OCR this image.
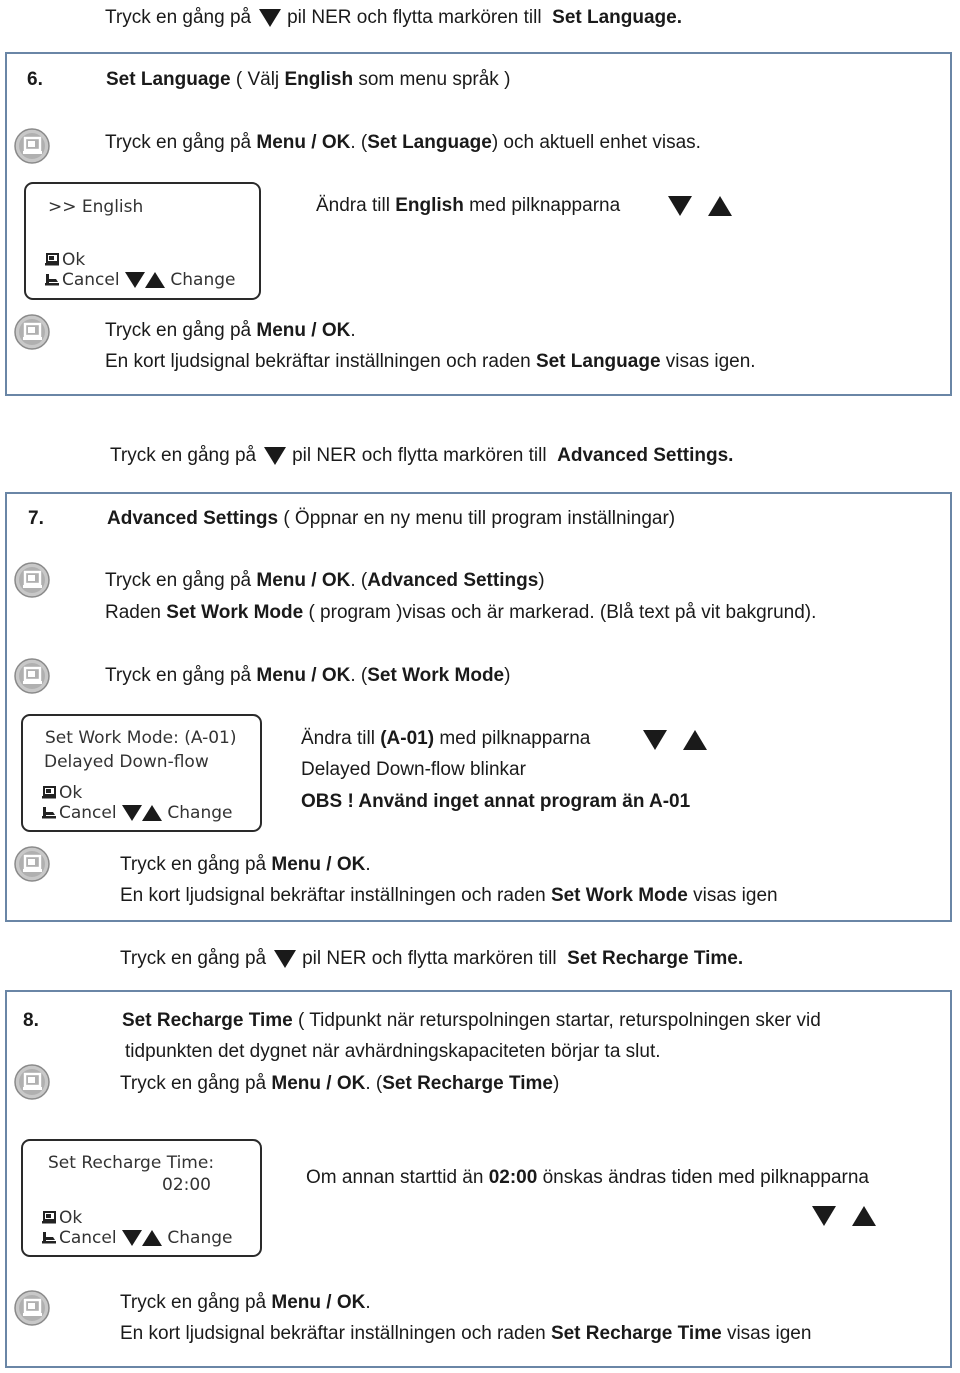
Tryck en gång på pil NER och flytta markören till Set Language.
6.	Set Language ( Välj English som menu språk )
Tryck en gång på Menu / OK. (Set Language) och aktuell enhet visas.
>> English
Ok
Cancel	Change
Ändra till English med pilknapparna

Tryck en gång på Menu / OK.
En kort ljudsignal bekräftar inställningen och raden Set Language visas igen.
Tryck en gång på pil NER och flytta markören till Advanced Settings.
7.	Advanced Settings ( Öppnar en ny menu till program inställningar)
Tryck en gång på Menu / OK. (Advanced Settings)
Raden Set Work Mode ( program )visas och är markerad. (Blå text på vit bakgrund).
Tryck en gång på Menu / OK. (Set Work Mode)
Set Work Mode: (A-01)
Delayed Down-flow
Ok
Cancel	Change
Ändra till (A-01) med pilknapparna

Delayed Down-flow blinkar
OBS ! Använd inget annat program än A-01
Tryck en gång på Menu / OK.
En kort ljudsignal bekräftar inställningen och raden Set Work Mode visas igen
Tryck en gång på pil NER och flytta markören till Set Recharge Time.
8.	Set Recharge Time ( Tidpunkt när returspolningen startar, returspolningen sker vid
tidpunkten det dygnet när avhärdningskapaciteten börjar ta slut.
Tryck en gång på Menu / OK. (Set Recharge Time)
Set Recharge Time:
02:00
Ok
Cancel	Change
Om annan starttid än 02:00 önskas ändras tiden med pilknapparna

Tryck en gång på Menu / OK.
En kort ljudsignal bekräftar inställningen och raden Set Recharge Time visas igen
